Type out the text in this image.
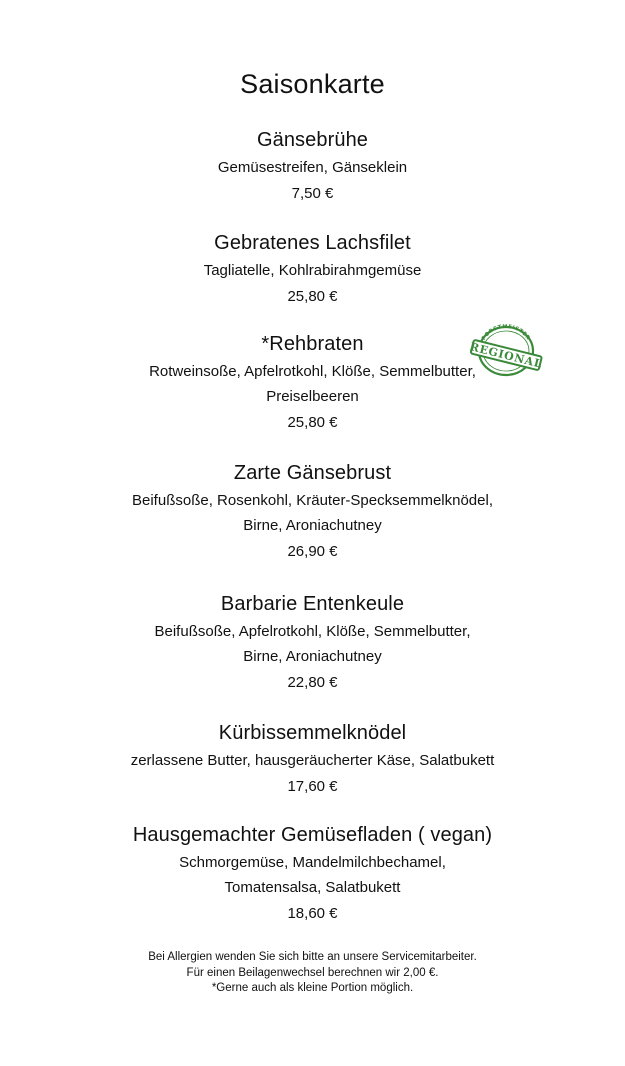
Saisonkarte
Gänsebrühe
Gemüsestreifen, Gänseklein
7,50 €
Gebratenes Lachsfilet
Tagliatelle, Kohlrabirahmgemüse
25,80 €
*Rehbraten
Rotweinsoße, Apfelrotkohl, Klöße, Semmelbutter,
Preiselbeeren
25,80 €
Zarte Gänsebrust
Beifußsoße, Rosenkohl, Kräuter-Specksemmelknödel,
Birne, Aroniachutney
26,90 €
Barbarie Entenkeule
Beifußsoße, Apfelrotkohl, Klöße, Semmelbutter,
Birne, Aroniachutney
22,80 €
Kürbissemmelknödel
zerlassene Butter, hausgeräucherter Käse, Salatbukett
17,60 €
Hausgemachter Gemüsefladen ( vegan)
Schmorgemüse, Mandelmilchbechamel,
Tomatensalsa, Salatbukett
18,60 €
Bei Allergien wenden Sie sich bitte an unsere Servicemitarbeiter.
Für einen Beilagenwechsel berechnen wir 2,00 €.
*Gerne auch als kleine Portion möglich.
FORSTMEISTER
REGIONAL
